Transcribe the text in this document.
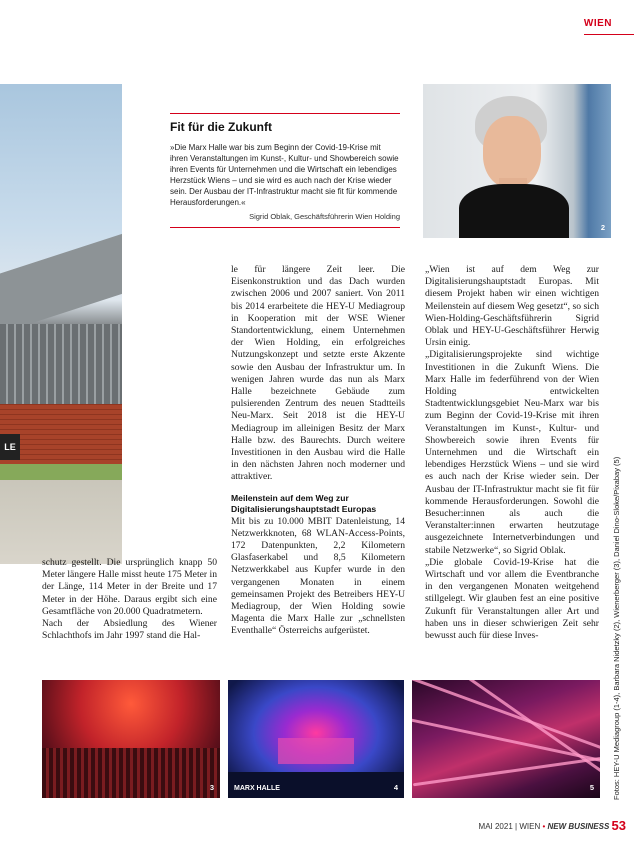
WIEN
LE
Fit für die Zukunft
»Die Marx Halle war bis zum Beginn der Covid-19-Krise mit ihren Veranstaltungen im Kunst-, Kultur- und Showbereich sowie ihren Events für Unternehmen und die Wirtschaft ein lebendiges Herzstück Wiens – und sie wird es auch nach der Krise wieder sein. Der Ausbau der IT-Infrastruktur macht sie fit für kommende Herausforderungen.«
Sigrid Oblak, Geschäftsführerin Wien Holding
2

schutz gestellt. Die ursprünglich knapp 50 Meter längere Halle misst heute 175 Meter in der Länge, 114 Meter in der Breite und 17 Meter in der Höhe. Daraus ergibt sich eine Gesamtfläche von 20.000 Quadratmetern.

Nach der Absiedlung des Wiener Schlachthofs im Jahr 1997 stand die Hal-

le für längere Zeit leer. Die Eisenkonstruktion und das Dach wurden zwischen 2006 und 2007 saniert. Von 2011 bis 2014 erarbeitete die HEY-U Mediagroup in Kooperation mit der WSE Wiener Standortentwicklung, einem Unternehmen der Wien Holding, ein erfolgreiches Nutzungskonzept und setzte erste Akzente sowie den Ausbau der Infrastruktur um. In wenigen Jahren wurde das nun als Marx Halle bezeichnete Gebäude zum pulsierenden Zentrum des neuen Stadtteils Neu-Marx. Seit 2018 ist die HEY-U Mediagroup im alleinigen Besitz der Marx Halle bzw. des Baurechts. Durch weitere Investitionen in den Ausbau wird die Halle in den nächsten Jahren noch moderner und attraktiver.

Meilenstein auf dem Weg zur Digitalisierungshauptstadt Europas

Mit bis zu 10.000 MBIT Datenleistung, 14 Netzwerkknoten, 68 WLAN-Access-Points, 172 Datenpunkten, 2,2 Kilometern Glasfaserkabel und 8,5 Kilometern Netzwerkkabel aus Kupfer wurde in den vergangenen Monaten in einem gemeinsamen Projekt des Betreibers HEY-U Mediagroup, der Wien Holding sowie Magenta die Marx Halle zur „schnellsten Eventhalle“ Österreichs aufgerüstet.

„Wien ist auf dem Weg zur Digitalisierungshauptstadt Europas. Mit diesem Projekt haben wir einen wichtigen Meilenstein auf diesem Weg gesetzt“, so sich Wien-Holding-Geschäftsführerin Sigrid Oblak und HEY-U-Geschäftsführer Herwig Ursin einig.

„Digitalisierungsprojekte sind wichtige Investitionen in die Zukunft Wiens. Die Marx Halle im federführend von der Wien Holding entwickelten Stadtentwicklungsgebiet Neu-Marx war bis zum Beginn der Covid-19-Krise mit ihren Veranstaltungen im Kunst-, Kultur- und Showbereich sowie ihren Events für Unternehmen und die Wirtschaft ein lebendiges Herzstück Wiens – und sie wird es auch nach der Krise wieder sein. Der Ausbau der IT-Infrastruktur macht sie fit für kommende Herausforderungen. Sowohl die Besucher:innen als auch die Veranstalter:innen erwarten heutzutage ausgezeichnete Internetverbindungen und stabile Netzwerke“, so Sigrid Oblak.

„Die globale Covid-19-Krise hat die Wirtschaft und vor allem die Eventbranche in den vergangenen Monaten weitgehend stillgelegt. Wir glauben fest an eine positive Zukunft für Veranstaltungen aller Art und haben uns in dieser schwierigen Zeit sehr bewusst auch für diese Inves-

3	MARX HALLE	4	5 Fotos: HEY-U Mediagroup (1-4), Barbara Nidetzky (2), Wienerberger (3), Daniel Dino-Sloke/Pixabay (5)
MAI 2021 | WIEN • NEW BUSINESS 53
